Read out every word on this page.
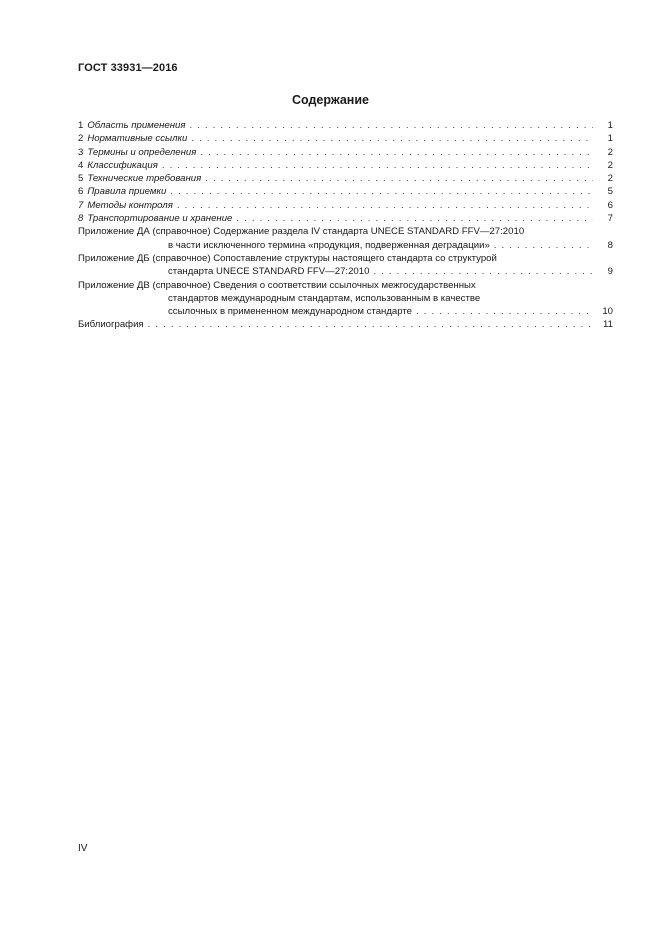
ГОСТ 33931—2016
Содержание
1 Область применения . . .	1
2 Нормативные ссылки . . .	1
3 Термины и определения . . .	2
4 Классификация . . .	2
5 Технические требования . . .	2
6 Правила приемки . . .	5
7 Методы контроля . . .	6
8 Транспортирование и хранение . . .	7
Приложение ДА (справочное) Содержание раздела IV стандарта UNECE STANDARD FFV—27:2010
в части исключенного термина «продукция, подверженная деградации» . . .	8
Приложение ДБ (справочное) Сопоставление структуры настоящего стандарта со структурой
стандарта UNECE STANDARD FFV—27:2010 . . .	9
Приложение ДВ (справочное) Сведения о соответствии ссылочных межгосударственных
стандартов международным стандартам, использованным в качестве
ссылочных в примененном международном стандарте . . .	10
Библиография . . .	11
IV
